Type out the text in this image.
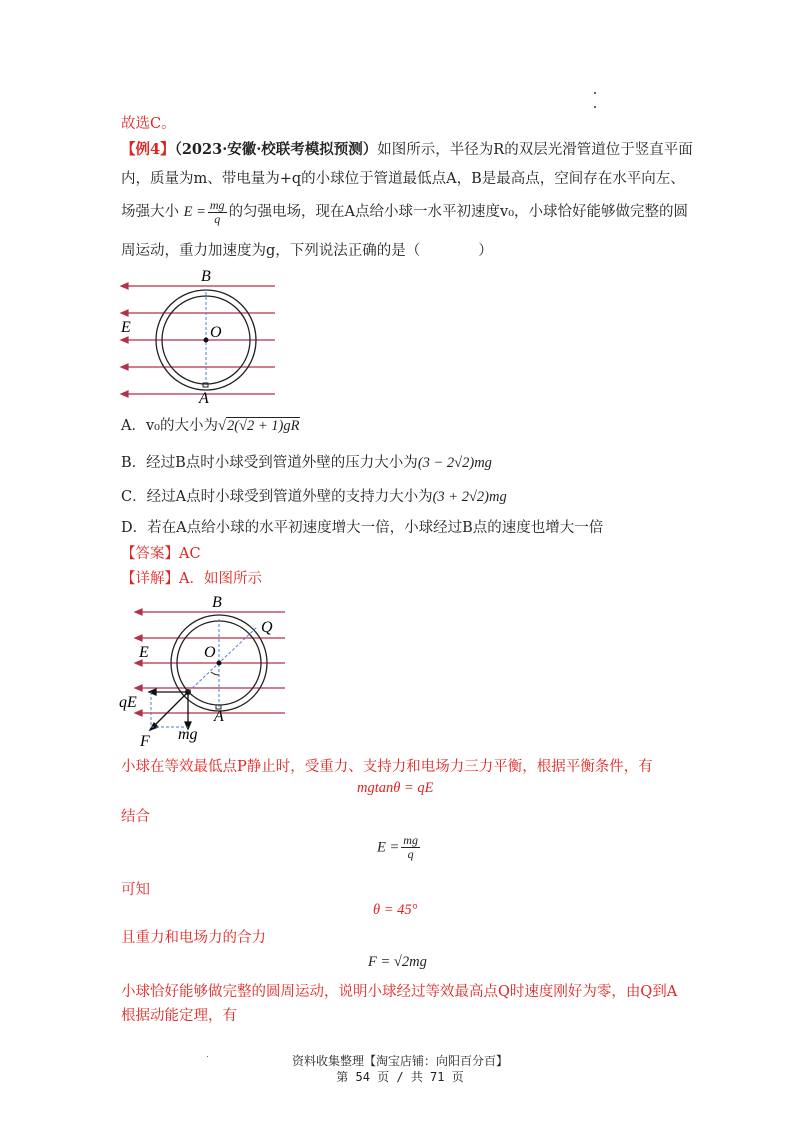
故选C。
【例4】（2023·安徽·校联考模拟预测）如图所示，半径为R的双层光滑管道位于竖直平面
内，质量为m、带电量为+q的小球位于管道最低点A，B是最高点，空间存在水平向左、
场强大小 $E = \frac{mg}{q}$ 的匀强电场，现在A点给小球一水平初速度v₀，小球恰好能够做完整的圆
周运动，重力加速度为g，下列说法正确的是（　　　　）
B
E	O
A
A．v₀的大小为√2(√2 + 1)gR
B．经过B点时小球受到管道外壁的压力大小为(3 − 2√2)mg
C．经过A点时小球受到管道外壁的支持力大小为(3 + 2√2)mg
D．若在A点给小球的水平初速度增大一倍，小球经过B点的速度也增大一倍
【答案】AC
【详解】A．如图所示
B
Q
E	O
qE
mg
F
A
小球在等效最低点P静止时，受重力、支持力和电场力三力平衡，根据平衡条件，有
mgtanθ = qE
结合
$E = \frac{mg}{q}$
可知
θ = 45°
且重力和电场力的合力
F = √2mg
小球恰好能够做完整的圆周运动，说明小球经过等效最高点Q时速度刚好为零，由Q到A
根据动能定理，有
资料收集整理【淘宝店铺：向阳百分百】
第 54 页 / 共 71 页
